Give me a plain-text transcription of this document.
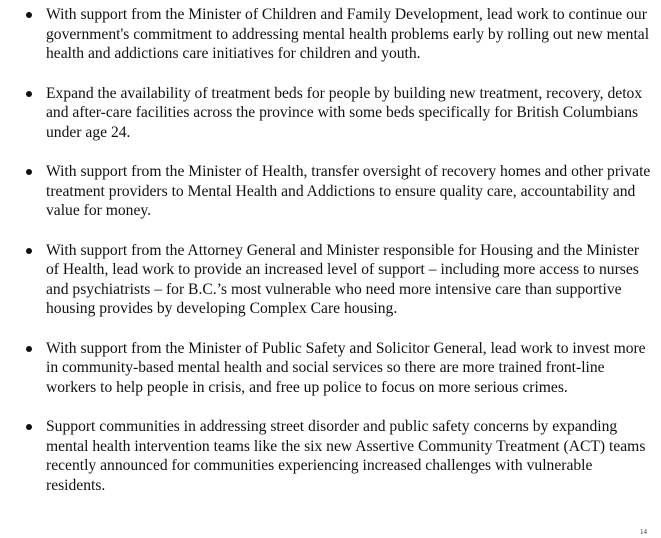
With support from the Minister of Children and Family Development, lead work to continue our government's commitment to addressing mental health problems early by rolling out new mental health and addictions care initiatives for children and youth.
Expand the availability of treatment beds for people by building new treatment, recovery, detox and after-care facilities across the province with some beds specifically for British Columbians under age 24.
With support from the Minister of Health, transfer oversight of recovery homes and other private treatment providers to Mental Health and Addictions to ensure quality care, accountability and value for money.
With support from the Attorney General and Minister responsible for Housing and the Minister of Health, lead work to provide an increased level of support – including more access to nurses and psychiatrists – for B.C.’s most vulnerable who need more intensive care than supportive housing provides by developing Complex Care housing.
With support from the Minister of Public Safety and Solicitor General, lead work to invest more in community-based mental health and social services so there are more trained front-line workers to help people in crisis, and free up police to focus on more serious crimes.
Support communities in addressing street disorder and public safety concerns by expanding mental health intervention teams like the six new Assertive Community Treatment (ACT) teams recently announced for communities experiencing increased challenges with vulnerable residents.
14
